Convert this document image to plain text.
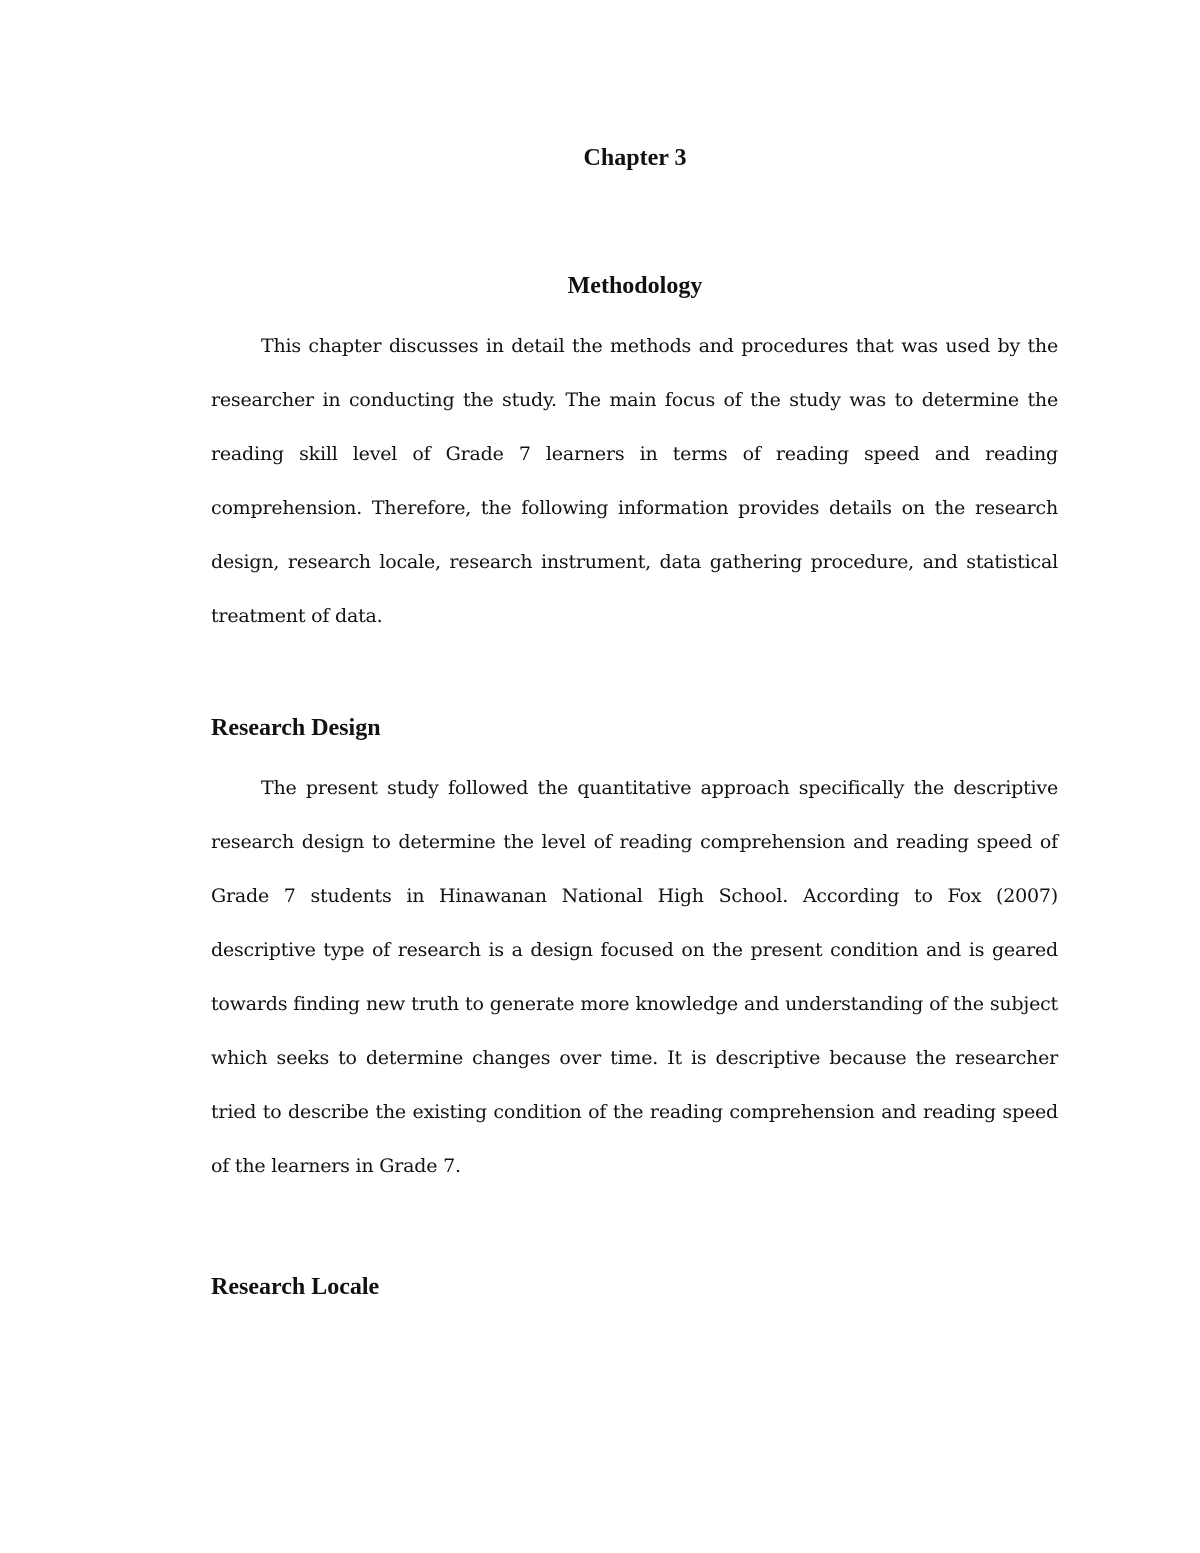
Chapter 3
Methodology

This chapter discusses in detail the methods and procedures that was used by the researcher in conducting the study. The main focus of the study was to determine the reading skill level of Grade 7 learners in terms of reading speed and reading comprehension. Therefore, the following information provides details on the research design, research locale, research instrument, data gathering procedure, and statistical treatment of data.

Research Design

The present study followed the quantitative approach specifically the descriptive research design to determine the level of reading comprehension and reading speed of Grade 7 students in Hinawanan National High School. According to Fox (2007) descriptive type of research is a design focused on the present condition and is geared towards finding new truth to generate more knowledge and understanding of the subject which seeks to determine changes over time. It is descriptive because the researcher tried to describe the existing condition of the reading comprehension and reading speed of the learners in Grade 7.

Research Locale
